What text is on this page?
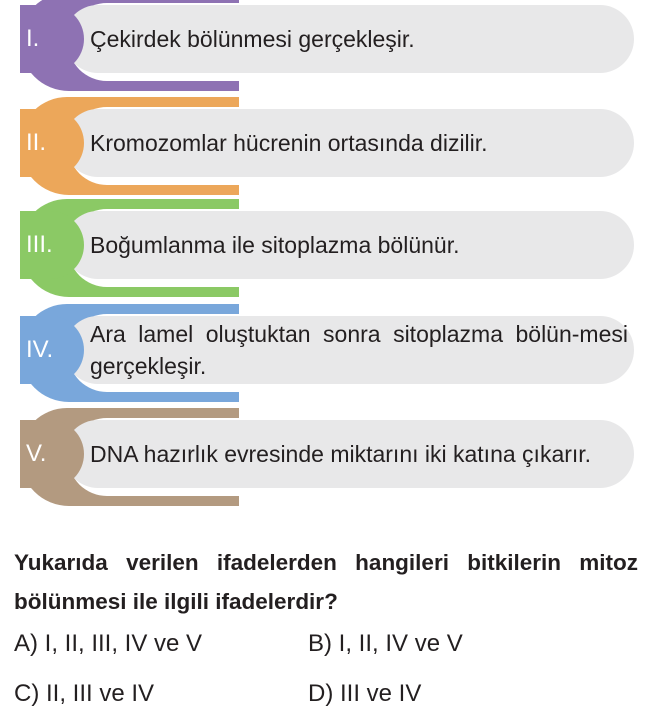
I.	Çekirdek bölünmesi gerçekleşir.
II.	Kromozomlar hücrenin ortasında dizilir.
III.	Boğumlanma ile sitoplazma bölünür.
IV.
Ara lamel oluştuktan sonra sitoplazma bölün-mesi gerçekleşir.
V.	DNA hazırlık evresinde miktarını iki katına çıkarır.
Yukarıda verilen ifadelerden hangileri bitkilerin mitoz bölünmesi ile ilgili ifadelerdir?
A) I, II, III, IV ve V	B) I, II, IV ve V
C) II, III ve IV	D) III ve IV
